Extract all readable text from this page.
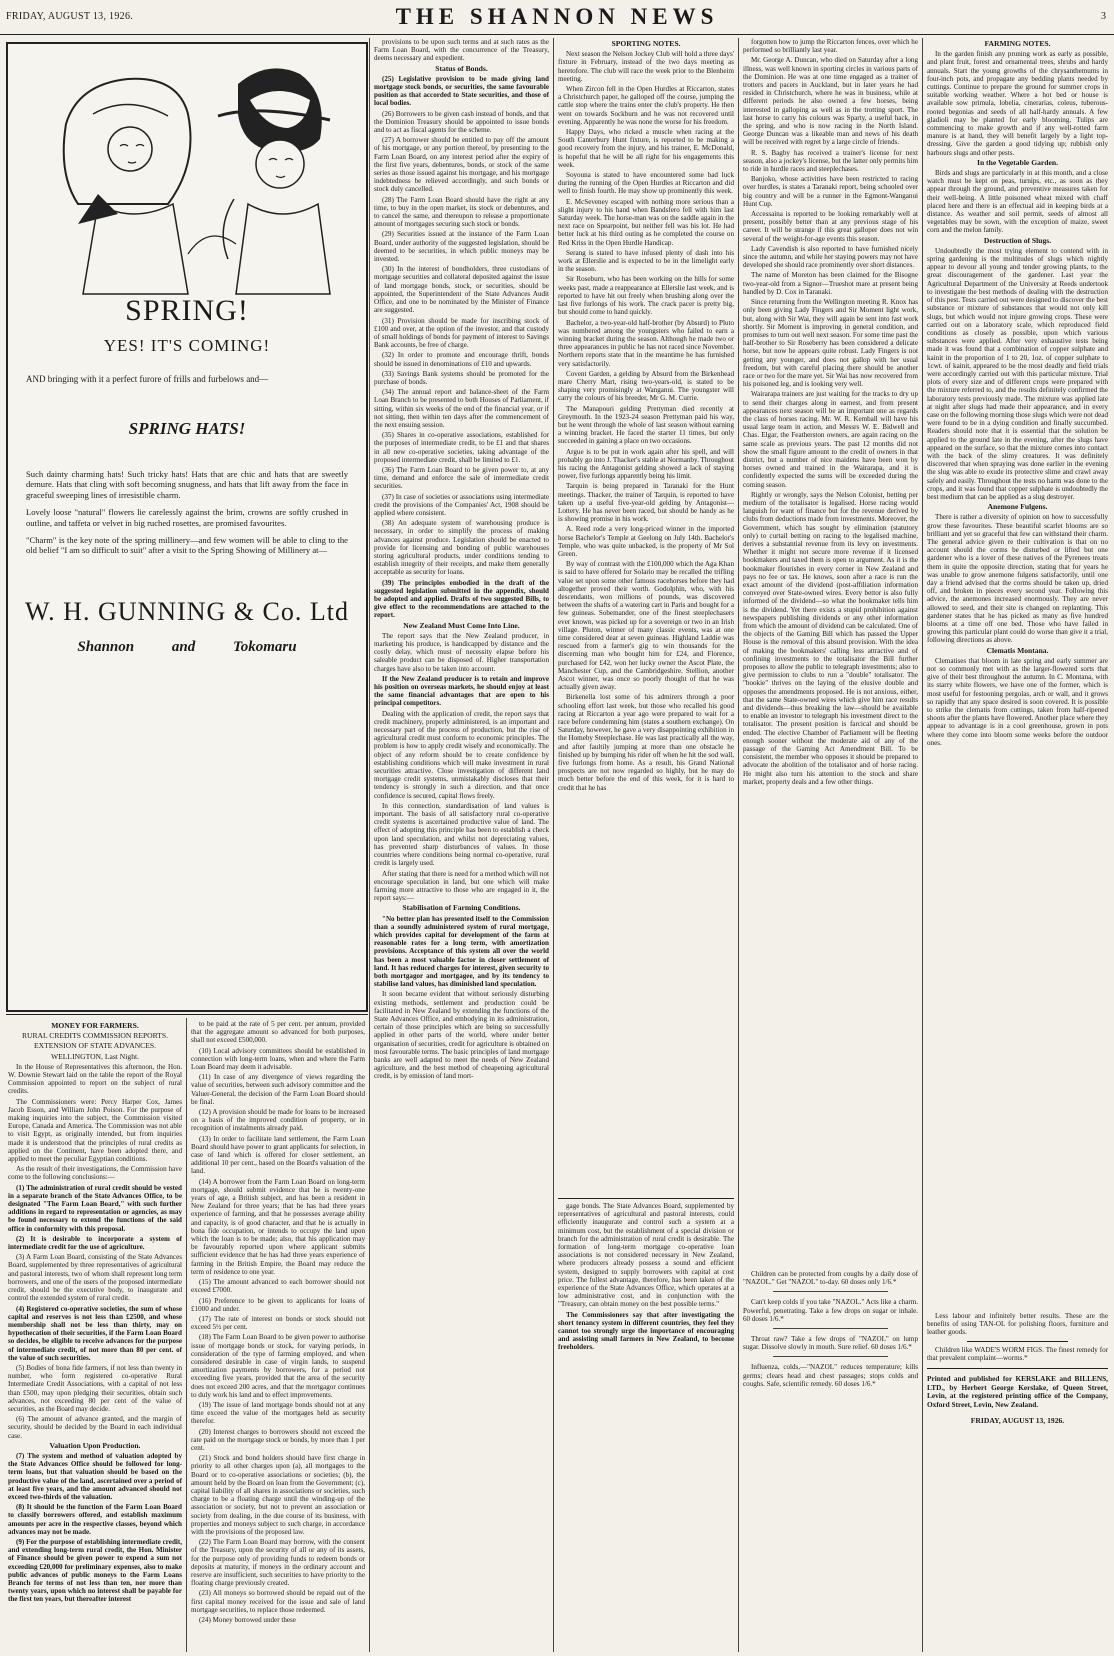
FRIDAY, AUGUST 13, 1926.	THE SHANNON NEWS	3
SPRING!
YES! IT'S COMING!
AND bringing with it a perfect furore of frills and furbelows and—
SPRING HATS!

Such dainty charming hats! Such tricky hats! Hats that are chic and hats that are sweetly demure. Hats that cling with soft becoming snugness, and hats that lift away from the face in graceful sweeping lines of irresistible charm.

Lovely loose "natural" flowers lie carelessly against the brim, crowns are softly crushed in outline, and taffeta or velvet in big ruched rosettes, are promised favourites.

"Charm" is the key note of the spring millinery—and few women will be able to cling to the old belief "I am so difficult to suit" after a visit to the Spring Showing of Millinery at—

W. H. GUNNING & Co. Ltd
Shannon	and	Tokomaru
MONEY FOR FARMERS.
RURAL CREDITS COMMISSION REPORTS.
EXTENSION OF STATE ADVANCES.
WELLINGTON, Last Night.

In the House of Representatives this afternoon, the Hon. W. Downie Stewart laid on the table the report of the Royal Commission appointed to report on the subject of rural credits.

The Commissioners were: Percy Harper Cox, James Jacob Esson, and William John Poison. For the purpose of making inquiries into the subject, the Commission visited Europe, Canada and America. The Commission was not able to visit Egypt, as originally intended, but from inquiries made it is understood that the principles of rural credits as applied on the Continent, have been adopted there, and applied to meet the peculiar Egyptian conditions.

As the result of their investigations, the Commission have come to the following conclusions:—

(1) The administration of rural credit should be vested in a separate branch of the State Advances Office, to be designated "The Farm Loan Board," with such further additions in regard to representation or agencies, as may be found necessary to extend the functions of the said office in conformity with this proposal.

(2) It is desirable to incorporate a system of intermediate credit for the use of agriculture.

(3) A Farm Loan Board, consisting of the State Advances Board, supplemented by three representatives of agricultural and pastoral interests, two of whom shall represent long term borrowers, and one of the users of the proposed intermediate credit, should be the executive body, to inaugurate and control the extended system of rural credit.

(4) Registered co-operative societies, the sum of whose capital and reserves is not less than £2500, and whose membership shall not be less than thirty, may on hypothecation of their securities, if the Farm Loan Board so decides, be eligible to receive advances for the purpose of intermediate credit, of not more than 80 per cent. of the value of such securities.

(5) Bodies of bona fide farmers, if not less than twenty in number, who form registered co-operative Rural Intermediate Credit Associations, with a capital of not less than £500, may upon pledging their securities, obtain such advances, not exceeding 80 per cent of the value of securities, as the Board may decide.

(6) The amount of advance granted, and the margin of security, should be decided by the Board in each individual case.

Valuation Upon Production.

(7) The system and method of valuation adopted by the State Advances Office should be followed for long-term loans, but that valuation should be based on the productive value of the land, ascertained over a period of at least five years, and the amount advanced should not exceed two-thirds of the valuation.

(8) It should be the function of the Farm Loan Board to classify borrowers offered, and establish maximum amounts per acre in the respective classes, beyond which advances may not be made.

(9) For the purpose of establishing intermediate credit, and extending long-term rural credit, the Hon. Minister of Finance should be given power to expend a sum not exceeding £20,000 for preliminary expenses, also to make public advances of public moneys to the Farm Loans Branch for terms of not less than ten, nor more than twenty years, upon which no interest shall be payable for the first ten years, but thereafter interest

to be paid at the rate of 5 per cent. per annum, provided that the aggregate amount so advanced for both purposes, shall not exceed £500,000.

(10) Local advisory committees should be established in connection with long-term loans, when and where the Farm Loan Board may deem it advisable.

(11) In case of any divergence of views regarding the value of securities, between such advisory committee and the Valuer-General, the decision of the Farm Loan Board should be final.

(12) A provision should be made for loans to be increased on a basis of the improved condition of property, or in recognition of instalments already paid.

(13) In order to facilitate land settlement, the Farm Loan Board should have power to grant applicants for selection, in case of land which is offered for closer settlement, an additional 10 per cent., based on the Board's valuation of the land.

(14) A borrower from the Farm Loan Board on long-term mortgage, should submit evidence that he is twenty-one years of age, a British subject, and has been a resident in New Zealand for three years; that he has had three years experience of farming, and that he possesses average ability and capacity, is of good character, and that he is actually in bona fide occupation, or intends to occupy the land upon which the loan is to be made; also, that his application may be favourably reported upon where applicant submits sufficient evidence that he has had three years experience of farming in the British Empire, the Board may reduce the term of residence to one year.

(15) The amount advanced to each borrower should not exceed £7000.

(16) Preference to be given to applicants for loans of £1000 and under.

(17) The rate of interest on bonds or stock should not exceed 5½ per cent.

(18) The Farm Loan Board to be given power to authorise issue of mortgage bonds or stock, for varying periods, in consideration of the type of farming employed, and when considered desirable in case of virgin lands, to suspend amortization payments by borrowers, for a period not exceeding five years, provided that the area of the security does not exceed 200 acres, and that the mortgagor continues to duly work his land and to effect improvements.

(19) The issue of land mortgage bonds should not at any time exceed the value of the mortgages held as security therefor.

(20) Interest charges to borrowers should not exceed the rate paid on the mortgage stock or bonds, by more than 1 per cent.

(21) Stock and bond holders should have first charge in priority to all other charges upon (a), all mortgages to the Board or to co-operative associations or societies; (b), the amount held by the Board on loan from the Government; (c), capital liability of all shares in associations or societies, such charge to be a floating charge until the winding-up of the association or society, but not to prevent an association or society from dealing, in the due course of its business, with properties and moneys subject to such charge, in accordance with the provisions of the proposed law.

(22) The Farm Loan Board may borrow, with the consent of the Treasury, upon the security of all or any of its assets, for the purpose only of providing funds to redeem bonds or deposits at maturity, if moneys in the ordinary account and reserve are insufficient, such securities to have priority to the floating charge previously created.

(23) All moneys so borrowed should be repaid out of the first capital money received for the issue and sale of land mortgage securities, to replace those redeemed.

(24) Money borrowed under these

provisions to be upon such terms and at such rates as the Farm Loan Board, with the concurrence of the Treasury, deems necessary and expedient.

Status of Bonds.

(25) Legislative provision to be made giving land mortgage stock bonds, or securities, the same favourable position as that accorded to State securities, and those of local bodies.

(26) Borrowers to be given cash instead of bonds, and that the Dominion Treasury should be appointed to issue bonds and to act as fiscal agents for the scheme.

(27) A borrower should be entitled to pay off the amount of his mortgage, or any portion thereof, by presenting to the Farm Loan Board, on any interest period after the expiry of the first five years, debentures, bonds, or stock of the same series as those issued against his mortgage, and his mortgage indebtedness be relieved accordingly, and such bonds or stock duly cancelled.

(28) The Farm Loan Board should have the right at any time, to buy in the open market, its stock or debentures, and to cancel the same, and thereupon to release a proportionate amount of mortgages securing such stock or bonds.

(29) Securities issued at the instance of the Farm Loan Board, under authority of the suggested legislation, should be deemed to be securities, in which public moneys may be invested.

(30) In the interest of bondholders, three custodians of mortgage securities and collateral deposited against the issue of land mortgage bonds, stock, or securities, should be appointed, the Superintendent of the State Advances Audit Office, and one to be nominated by the Minister of Finance are suggested.

(31) Provision should be made for inscribing stock of £100 and over, at the option of the investor, and that custody of small holdings of bonds for payment of interest to Savings Bank accounts, be free of charge.

(32) In order to promote and encourage thrift, bonds should be issued in denominations of £10 and upwards.

(33) Savings Bank systems should be promoted for the purchase of bonds.

(34) The annual report and balance-sheet of the Farm Loan Branch to be presented to both Houses of Parliament, if sitting, within six weeks of the end of the financial year, or if not sitting, then within ten days after the commencement of the next ensuing session.

(35) Shares in co-operative associations, established for the purposes of intermediate credit, to be £1 and that shares in all new co-operative societies, taking advantage of the proposed intermediate credit, shall be limited to £1.

(36) The Farm Loan Board to be given power to, at any time, demand and enforce the sale of intermediate credit securities.

(37) In case of societies or associations using intermediate credit the provisions of the Companies' Act, 1908 should be applied where consistent.

(38) An adequate system of warehousing produce is necessary, in order to simplify the process of making advances against produce. Legislation should be enacted to provide for licensing and bonding of public warehouses storing agricultural products, under conditions tending to establish integrity of their receipts, and make them generally acceptable as security for loans.

(39) The principles embodied in the draft of the suggested legislation submitted in the appendix, should be adopted and applied. Drafts of two suggested Bills, to give effect to the recommendations are attached to the report.

New Zealand Must Come Into Line.

The report says that the New Zealand producer, in marketing his produce, is handicapped by distance and the costly delay, which must of necessity elapse before his saleable product can be disposed of. Higher transportation charges have also to be taken into account.

If the New Zealand producer is to retain and improve his position on overseas markets, he should enjoy at least the same financial advantages that are open to his principal competitors.

Dealing with the application of credit, the report says that credit machinery, properly administered, is an important and necessary part of the process of production, but the rise of agricultural credit must conform to economic principles. The problem is how to apply credit wisely and economically. The object of any reform should be to create confidence by establishing conditions which will make investment in rural securities attractive. Close investigation of different land mortgage credit systems, unmistakably discloses that their tendency is strongly in such a direction, and that once confidence is secured, capital flows freely.

In this connection, standardisation of land values is important. The basis of all satisfactory rural co-operative credit systems is ascertained productive value of land. The effect of adopting this principle has been to establish a check upon land speculation, and whilst not depreciating values, has prevented sharp disturbances of values. In those countries where conditions being normal co-operative, rural credit is largely used.

After stating that there is need for a method which will not encourage speculation in land, but one which will make farming more attractive to those who are engaged in it, the report says:—

Stabilisation of Farming Conditions.

"No better plan has presented itself to the Commission than a soundly administered system of rural mortgage, which provides capital for development of the farm at reasonable rates for a long term, with amortization provisions. Acceptance of this system all over the world has been a most valuable factor in closer settlement of land. It has reduced charges for interest, given security to both mortgagor and mortgagee, and by its tendency to stabilise land values, has diminished land speculation.

It soon became evident that without seriously disturbing existing methods, settlement and production could be facilitated in New Zealand by extending the functions of the State Advances Office, and embodying in its administration, certain of those principles which are being so successfully applied in other parts of the world, where under better organisation of securities, credit for agriculture is obtained on most favourable terms. The basic principles of land mortgage banks are well adapted to meet the needs of New Zealand agriculture, and the best method of cheapening agricultural credit, is by emission of land mort-

SPORTING NOTES.

Next season the Nelson Jockey Club will hold a three days' fixture in February, instead of the two days meeting as heretofore. The club will race the week prior to the Blenheim meeting.

When Zircon fell in the Open Hurdles at Riccarton, states a Christchurch paper, he galloped off the course, jumping the cattle stop where the trains enter the club's property. He then went on towards Sockburn and he was not recovered until evening. Apparently he was none the worse for his freedom.

Happy Days, who ricked a muscle when racing at the South Canterbury Hunt fixture, is reported to be making a good recovery from the injury, and his trainer, E. McDonald, is hopeful that he will be all right for his engagements this week.

Soyouna is stated to have encountered some bad luck during the running of the Open Hurdles at Riccarton and did well to finish fourth. He may show up prominently this week.

E. McSeveney escaped with nothing more serious than a slight injury to his hand when Bandsfero fell with him last Saturday week. The horse-man was on the saddle again in the next race on Spearpoint, but neither fell was his lot. He had better luck at his third outing as he completed the course on Red Kriss in the Open Hurdle Handicap.

Serang is stated to have infused plenty of dash into his work at Ellerslie and is expected to be in the limelight early in the season.

Sir Roseburn, who has been working on the hills for some weeks past, made a reappearance at Ellerslie last week, and is reported to have hit out freely when brushing along over the last five furlongs of his work. The crack pacer is pretty big, but should come to hand quickly.

Bachelor, a two-year-old half-brother (by Absurd) to Pluto was numbered among the youngsters who failed to earn a winning bracket during the season. Although he made two or three appearances in public he has not raced since November. Northern reports state that in the meantime he has furnished very satisfactorily.

Covent Garden, a gelding by Absurd from the Birkenhead mare Cherry Mart, rising two-years-old, is stated to be shaping very promisingly at Wanganui. The youngster will carry the colours of his breeder, Mr G. M. Currie.

The Manapouri gelding Prettyman died recently at Greymouth. In the 1923-24 season Prettyman paid his way, but he went through the whole of last season without earning a winning bracket. He faced the starter 11 times, but only succeeded in gaining a place on two occasions.

Argue is to be put in work again after his spell, and will probably go into J. Thacker's stable at Normanby. Throughout his racing the Antagonist gelding showed a lack of staying power, five furlongs apparently being his limit.

Tarquin is being prepared in Taranaki for the Hunt meetings. Thacker, the trainer of Tarquin, is reported to have taken up a useful five-year-old gelding by Antagonist—Lottery. He has never been raced, but should be handy as he is showing promise in his work.

A. Reed rode a very long-priced winner in the imported horse Bachelor's Temple at Geelong on July 14th. Bachelor's Temple, who was quite unbacked, is the property of Mr Sol Green.

By way of contrast with the £100,000 which the Aga Khan is said to have offered for Solario may be recalled the trifling value set upon some other famous racehorses before they had altogether proved their worth. Godolphin, who, with his descendants, won millions of pounds, was discovered between the shafts of a watering cart in Paris and bought for a few guineas. Sobemander, one of the finest steeplechasers ever known, was picked up for a sovereign or two in an Irish village. Pluton, winner of many classic events, was at one time considered dear at seven guineas. Highland Laddie was rescued from a farmer's gig to win thousands for the discerning man who bought him for £24, and Florence, purchased for £42, won her lucky owner the Ascot Plate, the Manchester Cup, and the Cambridgeshire. Stellion, another Ascot winner, was once so poorly thought of that he was actually given away.

Birkenella lost some of his admirers through a poor schooling effort last week, but those who recalled his good racing at Riccarton a year ago were prepared to wait for a race before condemning him (states a southern exchange). On Saturday, however, he gave a very disappointing exhibition in the Homeby Steeplechase. He was last practically all the way, and after faultily jumping at more than one obstacle he finished up by bumping his rider off when he hit the sod wall, five furlongs from home. As a result, his Grand National prospects are not now regarded so highly, but he may do much better before the end of this week, for it is hard to credit that he has

gage bonds. The State Advances Board, supplemented by representatives of agricultural and pastoral interests, could efficiently inaugurate and control such a system at a minimum cost, but the establishment of a special division or branch for the administration of rural credit is desirable. The formation of long-term mortgage co-operative loan associations is not considered necessary in New Zealand, where producers already possess a sound and efficient system, designed to supply borrowers with capital at cost price. The fullest advantage, therefore, has been taken of the experience of the State Advances Office, which operates at a low administrative cost, and in conjunction with the "Treasury, can obtain money on the best possible terms."

The Commissioners say that after investigating the short tenancy system in different countries, they feel they cannot too strongly urge the importance of encouraging and assisting small farmers in New Zealand, to become freeholders.

forgotten how to jump the Riccarton fences, over which he performed so brilliantly last year.

Mr. George A. Duncan, who died on Saturday after a long illness, was well known in sporting circles in various parts of the Dominion. He was at one time engaged as a trainer of trotters and pacers in Auckland, but in later years he had resided in Christchurch, where he was in business, while at different periods he also owned a few horses, being interested in galloping as well as in the trotting sport. The last horse to carry his colours was Sparty, a useful hack, in the spring, and who is now racing in the North Island. George Duncan was a likeable man and news of his death will be received with regret by a large circle of friends.

R. S. Bagby has received a trainer's license for next season, also a jockey's license, but the latter only permits him to ride in hurdle races and steeplechases.

Banjoko, whose activities have been restricted to racing over hurdles, is states a Taranaki report, being schooled over big country and will be a runner in the Egmont-Wanganui Hunt Cup.

Accessaina is reported to be looking remarkably well at present, possibly better than at any previous stage of his career. It will be strange if this great galloper does not win several of the weight-for-age events this season.

Lady Cavendish is also reported to have furnished nicely since the autumn, and while her staying powers may not have developed she should race prominently over short distances.

The name of Moreton has been claimed for the Bisogne two-year-old from a Signor—Trueshot mare at present being handled by D. Cox in Taranaki.

Since returning from the Wellington meeting R. Knox has only been giving Lady Fingers and Sir Moment light work, but, along with Sir Wai, they will again be sent into fast work shortly. Sir Moment is improving in general condition, and promises to turn out well next season. For some time past the half-brother to Sir Roseberry has been considered a delicate horse, but now he appears quite robust. Lady Fingers is not getting any younger, and does not gallop with her usual freedom, but with careful placing there should be another race or two for the mare yet. Sir Wai has now recovered from his poisoned leg, and is looking very well.

Wairarapa trainers are just waiting for the tracks to dry up to send their charges along in earnest, and from present appearances next season will be an important one as regards the class of horses racing. Mr. W. R. Kemball will have his usual large team in action, and Messrs W. E. Bidwell and Chas. Elgar, the Featherston owners, are again racing on the same scale as previous years. The past 12 months did not show the small figure amount to the credit of owners in that district, but a number of nice maidens have been won by horses owned and trained in the Wairarapa, and it is confidently expected the sums will be exceeded during the coming season.

Rightly or wrongly, says the Nelson Colonist, betting per medium of the totalisator is legalised. Horse racing would languish for want of finance but for the revenue derived by clubs from deductions made from investments. Moreover, the Government, which has sought by elimination (statutory only) to curtail betting on racing to the legalised machine, derives a substantial revenue from its levy on investments. Whether it might not secure more revenue if it licensed bookmakers and taxed them is open to argument. As it is the bookmaker flourishes in every corner in New Zealand and pays no fee or tax. He knows, soon after a race is run the exact amount of the dividend (post-affiliation information conveyed over State-owned wires. Every bettor is also fully informed of the dividend—so what the bookmaker tells him is the dividend. Yet there exists a stupid prohibition against newspapers publishing dividends or any other information from which the amount of dividend can be calculated. One of the objects of the Gaming Bill which has passed the Upper House is the removal of this absurd provision. With the idea of making the bookmakers' calling less attractive and of confining investments to the totalisator the Bill further proposes to allow the public to telegraph investments; also to give permission to clubs to run a "double" totalisator. The "bookie" thrives on the laying of the elusive double and opposes the amendments proposed. He is not anxious, either, that the same State-owned wires which give him race results and dividends—thus breaking the law—should be available to enable an investor to telegraph his investment direct to the totalisator. The present position is farcical and should be ended. The elective Chamber of Parliament will be fleeting enough sooner without the moderate aid of any of the passage of the Gaming Act Amendment Bill. To be consistent, the member who opposes it should be prepared to advocate the abolition of the totalisator and of horse racing. He might also turn his attention to the stock and share market, property deals and a few other things.

Children can be protected from coughs by a daily dose of "NAZOL." Get "NAZOL" to-day. 60 doses only 1/6.*

Can't keep colds if you take "NAZOL." Acts like a charm. Powerful, penetrating. Take a few drops on sugar or inhale. 60 doses 1/6.*

Throat raw? Take a few drops of "NAZOL" on lump sugar. Dissolve slowly in mouth. Sure relief. 60 doses 1/6.*

Influenza, colds,—"NAZOL" reduces temperature; kills germs; clears head and chest passages; stops colds and coughs. Safe, scientific remedy. 60 doses 1/6.*

FARMING NOTES.

In the garden finish any pruning work as early as possible, and plant fruit, forest and ornamental trees, shrubs and hardy annuals. Start the young growths of the chrysanthemums in four-inch pots, and propagate any bedding plants needed by cuttings. Continue to prepare the ground for summer crops in suitable working weather. Where a hot bed or house is available sow primula, lobelia, cinerarias, coleus, tuberous-rooted begonias and seeds of all half-hardy annuals. A few gladioli may be planted for early blooming. Tulips are commencing to make growth and if any well-rotted farm manure is at hand, they will benefit largely by a light top-dressing. Give the garden a good tidying up; rubbish only harbours slugs and other pests.

In the Vegetable Garden.

Birds and slugs are particularly in at this month, and a close watch must be kept on peas, turnips, etc., as soon as they appear through the ground, and preventive measures taken for their well-being. A little poisoned wheat mixed with chaff placed here and there is an effectual aid in keeping birds at a distance. As weather and soil permit, seeds of almost all vegetables may be sown, with the exception of maize, sweet corn and the melon family.

Destruction of Slugs.

Undoubtedly the most trying element to contend with in spring gardening is the multitudes of slugs which nightly appear to devour all young and tender growing plants, to the great discouragement of the gardener. Last year the Agricultural Department of the University at Reeds undertook to investigate the best methods of dealing with the destruction of this pest. Tests carried out were designed to discover the best substance or mixture of substances that would not only kill slugs, but which would not injure growing crops. These were carried out on a laboratory scale, which reproduced field conditions as closely as possible, upon which various substances were applied. After very exhaustive tests being made it was found that a combination of copper sulphate and kainit in the proportion of 1 to 20, 1oz. of copper sulphate to 1cwt. of kainit, appeared to be the most deadly and field trials were accordingly carried out with this particular mixture. Trial plots of every size and of different crops were prepared with the mixture referred to, and the results definitely confirmed the laboratory tests previously made. The mixture was applied late at night after slugs had made their appearance, and in every case on the following morning those slugs which were not dead were found to be in a dying condition and finally succumbed. Readers should note that it is essential that the solution be applied to the ground late in the evening, after the slugs have appeared on the surface, so that the mixture comes into contact with the back of the slimy creatures. It was definitely discovered that when spraying was done earlier in the evening the slug was able to exude its protective slime and crawl away safely and easily. Throughout the tests no harm was done to the crops, and it was found that copper sulphate is undoubtedly the best medium that can be applied as a slug destroyer.

Anemone Fulgens.

There is rather a diversity of opinion on how to successfully grow these favourites. These beautiful scarlet blooms are so brilliant and yet so graceful that few can withstand their charm. The general advice given re their cultivation is that on no account should the corms be disturbed or lifted but one gardener who is a lover of these natives of the Pyrenees treats them in quite the opposite direction, stating that for years he was unable to grow anemone fulgens satisfactorily, until one day a friend advised that the corms should be taken up, dried off, and broken in pieces every second year. Following this advice, the anemones increased enormously. They are never allowed to seed, and their site is changed on replanting. This gardener states that he has picked as many as five hundred blooms at a time off one bed. Those who have failed in growing this particular plant could do worse than give it a trial, following directions as above.

Clematis Montana.

Clematises that bloom in late spring and early summer are not so commonly met with as the larger-flowered sorts that give of their best throughout the autumn. In C. Montana, with its starry white flowers, we have one of the former, which is most useful for festooning pergolas, arch or wall, and it grows so rapidly that any space desired is soon covered. It is possible to strike the clematis from cuttings, taken from half-ripened shoots after the plants have flowered. Another place where they appear to advantage is in a cool greenhouse, grown in pots where they come into bloom some weeks before the outdoor ones.

Less labour and infinitely better results. These are the benefits of using TAN-OL for polishing floors, furniture and leather goods.

Children like WADE'S WORM FIGS. The finest remedy for that prevalent complaint—worms.*

Printed and published for KERSLAKE and BILLENS, LTD., by Herbert George Kerslake, of Queen Street, Levin, at the registered printing office of the Company, Oxford Street, Levin, New Zealand.
FRIDAY, AUGUST 13, 1926.
